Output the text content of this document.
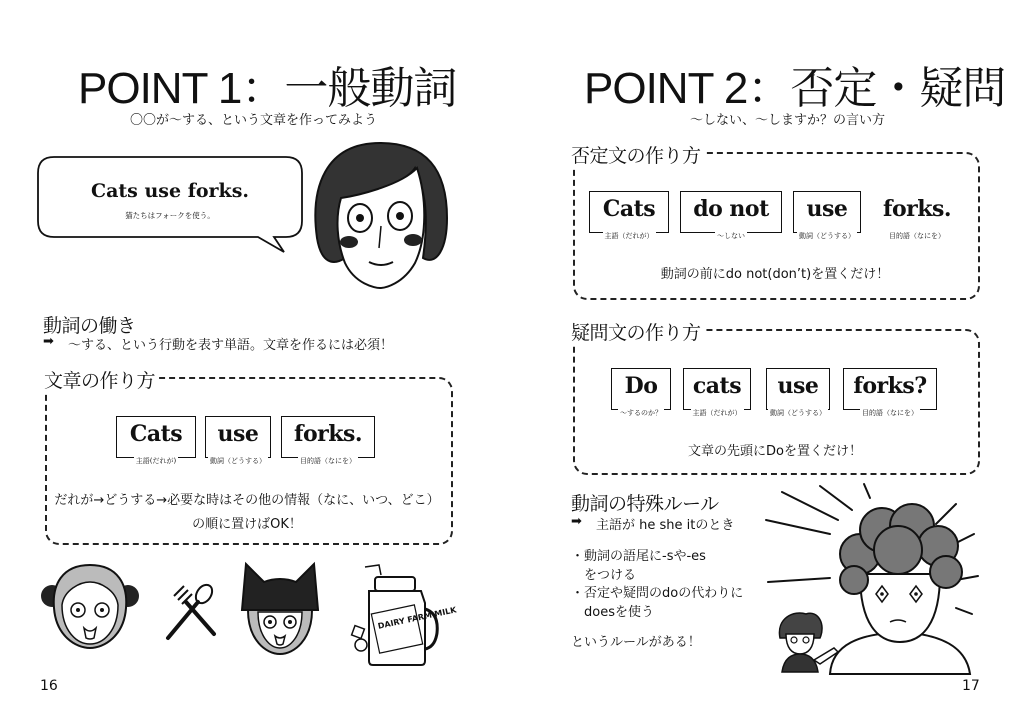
POINT 1：一般動詞
〇〇が～する、という文章を作ってみよう
Cats use forks.
猫たちはフォークを使う。
動詞の働き
➡ ～する、という行動を表す単語。文章を作るには必須！
文章の作り方
Cats
主語(だれが)
use
動詞（どうする）
forks.
目的語（なにを）
だれが→どうする→必要な時はその他の情報（なに、いつ、どこ）
の順に置けばOK！
DAIRY FARM MILK
16
POINT 2：否定・疑問
～しない、～しますか？の言い方
否定文の作り方
Cats
主語（だれが）
do not
～しない
use
動詞（どうする）
forks.
目的語（なにを）
動詞の前にdo not(don’t)を置くだけ！
疑問文の作り方
Do
～するのか？
cats
主語（だれが）
use
動詞（どうする）
forks?
目的語（なにを）
文章の先頭にDoを置くだけ！
動詞の特殊ルール
➡ 主語が he she itのとき
・動詞の語尾に-sや-es
をつける
・否定や疑問のdoの代わりに
doesを使う
というルールがある！
17
